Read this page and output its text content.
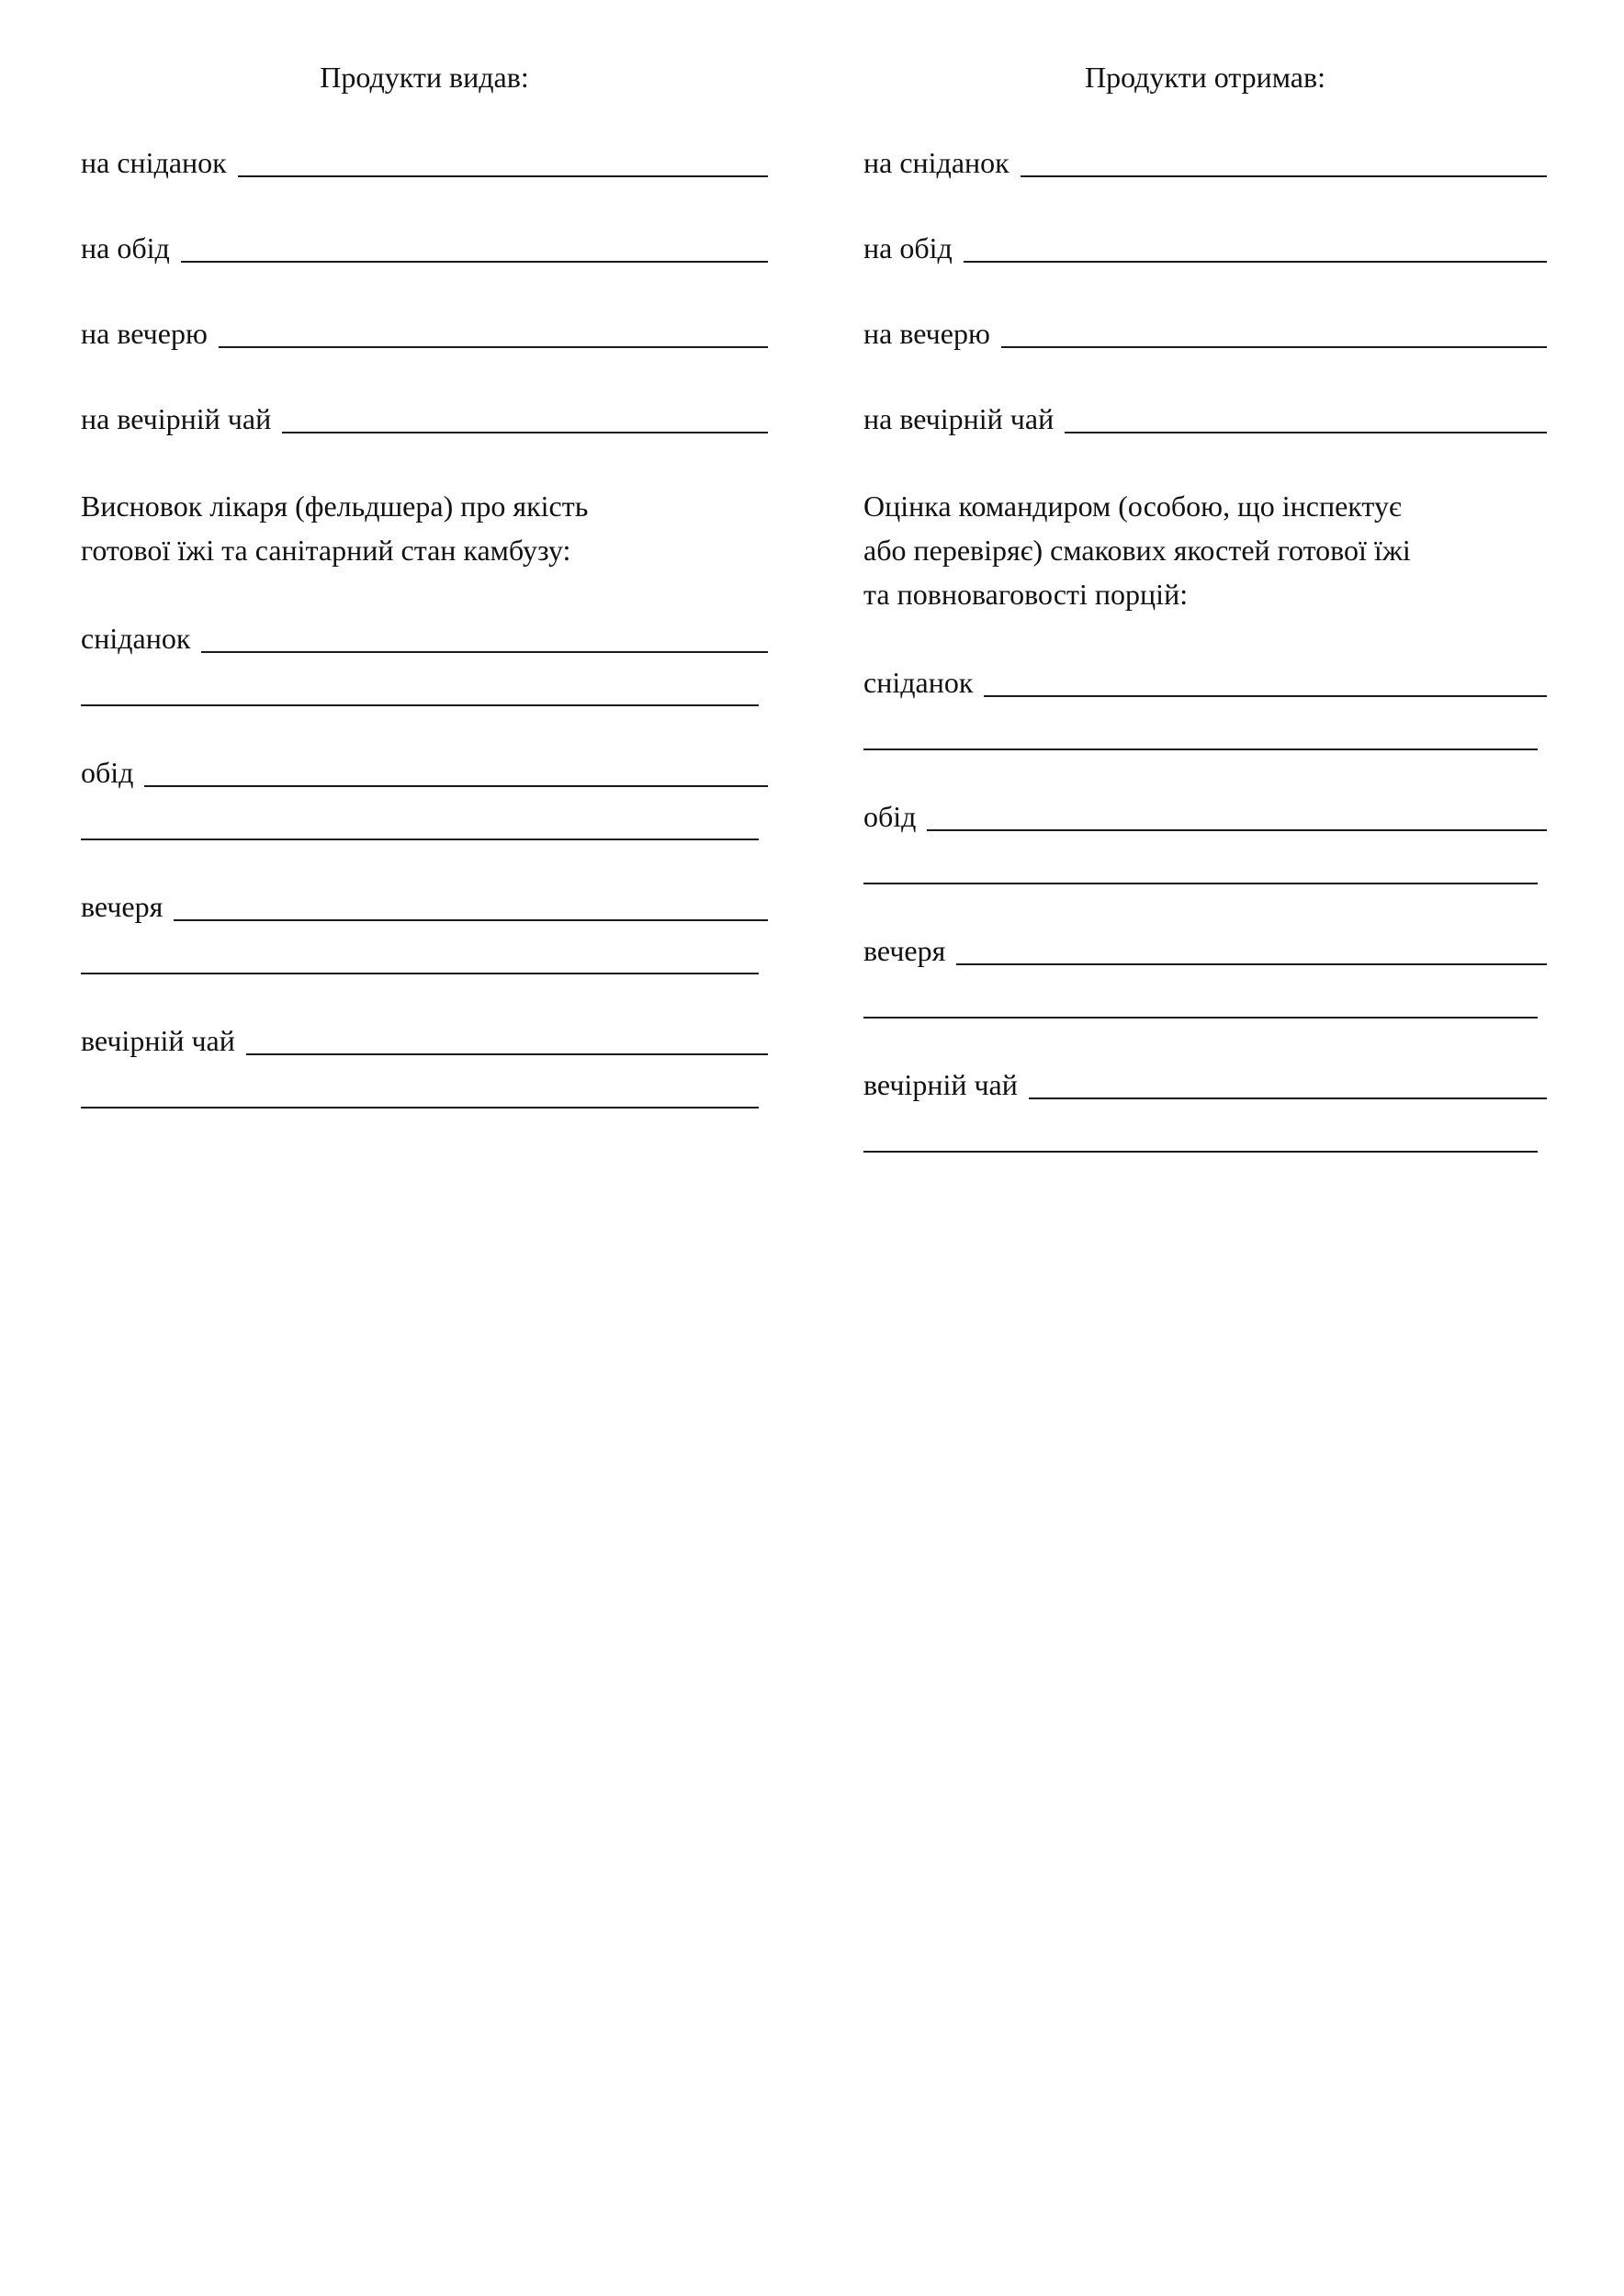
Продукти видав:
на сніданок
на обід
на вечерю
на вечірній чай
Висновок лікаря (фельдшера) про якість
готової їжі та санітарний стан камбузу:
сніданок
обід
вечеря
вечірній чай
Продукти отримав:
на сніданок
на обід
на вечерю
на вечірній чай
Оцінка командиром (особою, що інспектує
або перевіряє) смакових якостей готової їжі
та повноваговості порцій:
сніданок
обід
вечеря
вечірній чай
